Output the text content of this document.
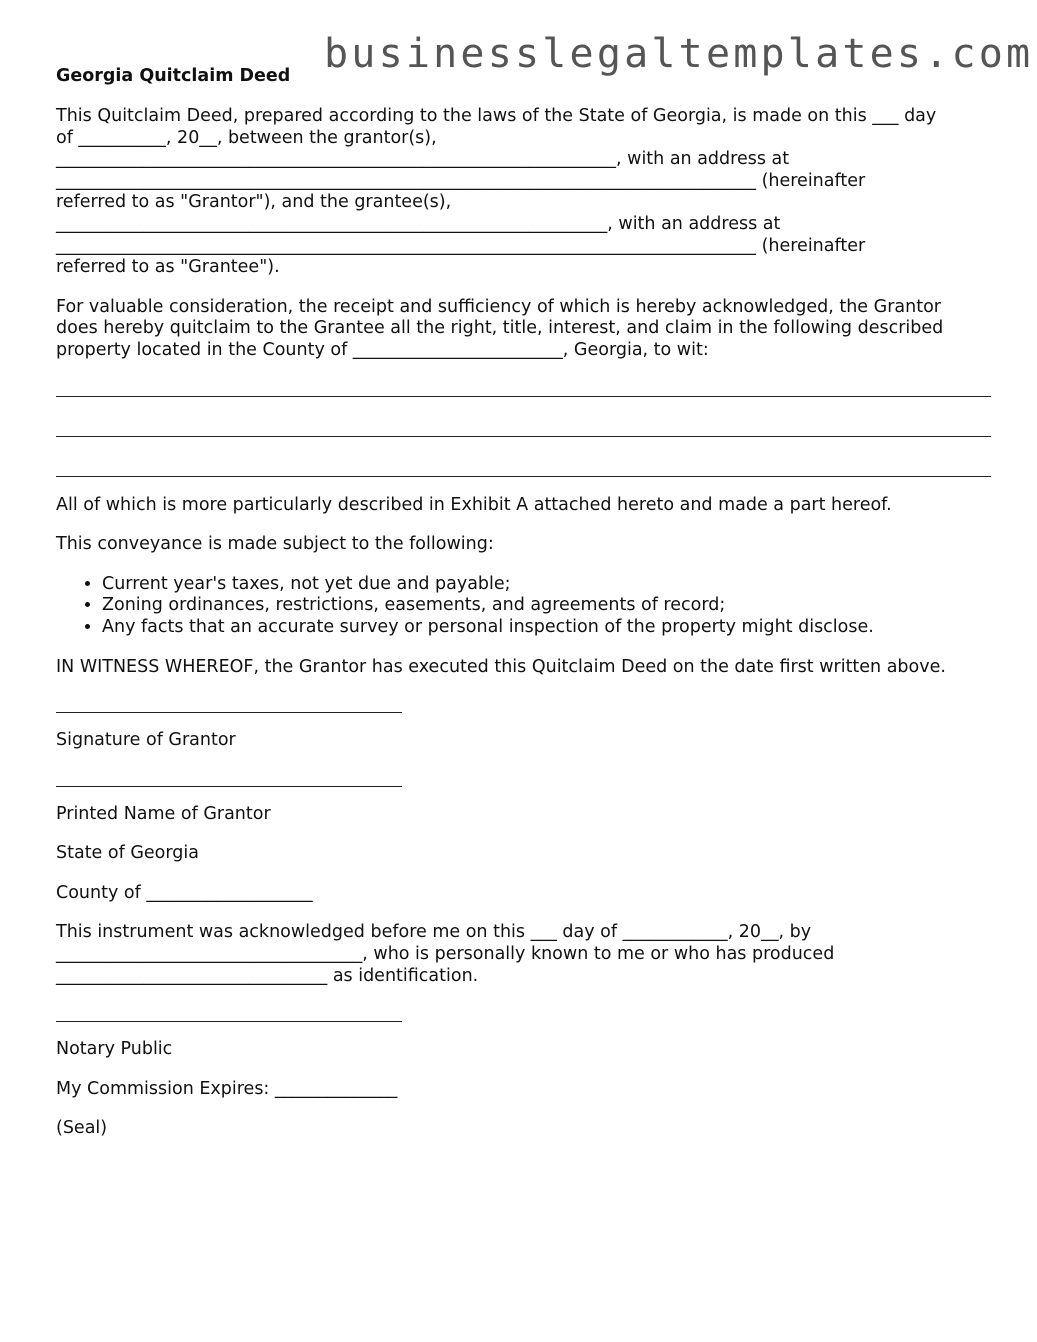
businesslegaltemplates.com
Georgia Quitclaim Deed

This Quitclaim Deed, prepared according to the laws of the State of Georgia, is made on this ___ day
of __________, 20__, between the grantor(s),
________________________________________________________________, with an address at
________________________________________________________________________________ (hereinafter
referred to as "Grantor"), and the grantee(s),
_______________________________________________________________, with an address at
________________________________________________________________________________ (hereinafter
referred to as "Grantee").

For valuable consideration, the receipt and sufficiency of which is hereby acknowledged, the Grantor
does hereby quitclaim to the Grantee all the right, title, interest, and claim in the following described
property located in the County of ________________________, Georgia, to wit:

All of which is more particularly described in Exhibit A attached hereto and made a part hereof.

This conveyance is made subject to the following:

• Current year's taxes, not yet due and payable;
• Zoning ordinances, restrictions, easements, and agreements of record;
• Any facts that an accurate survey or personal inspection of the property might disclose.

IN WITNESS WHEREOF, the Grantor has executed this Quitclaim Deed on the date first written above.

Signature of Grantor

Printed Name of Grantor

State of Georgia

County of ___________________

This instrument was acknowledged before me on this ___ day of ____________, 20__, by
___________________________________, who is personally known to me or who has produced
_______________________________ as identification.

Notary Public

My Commission Expires: ______________

(Seal)
